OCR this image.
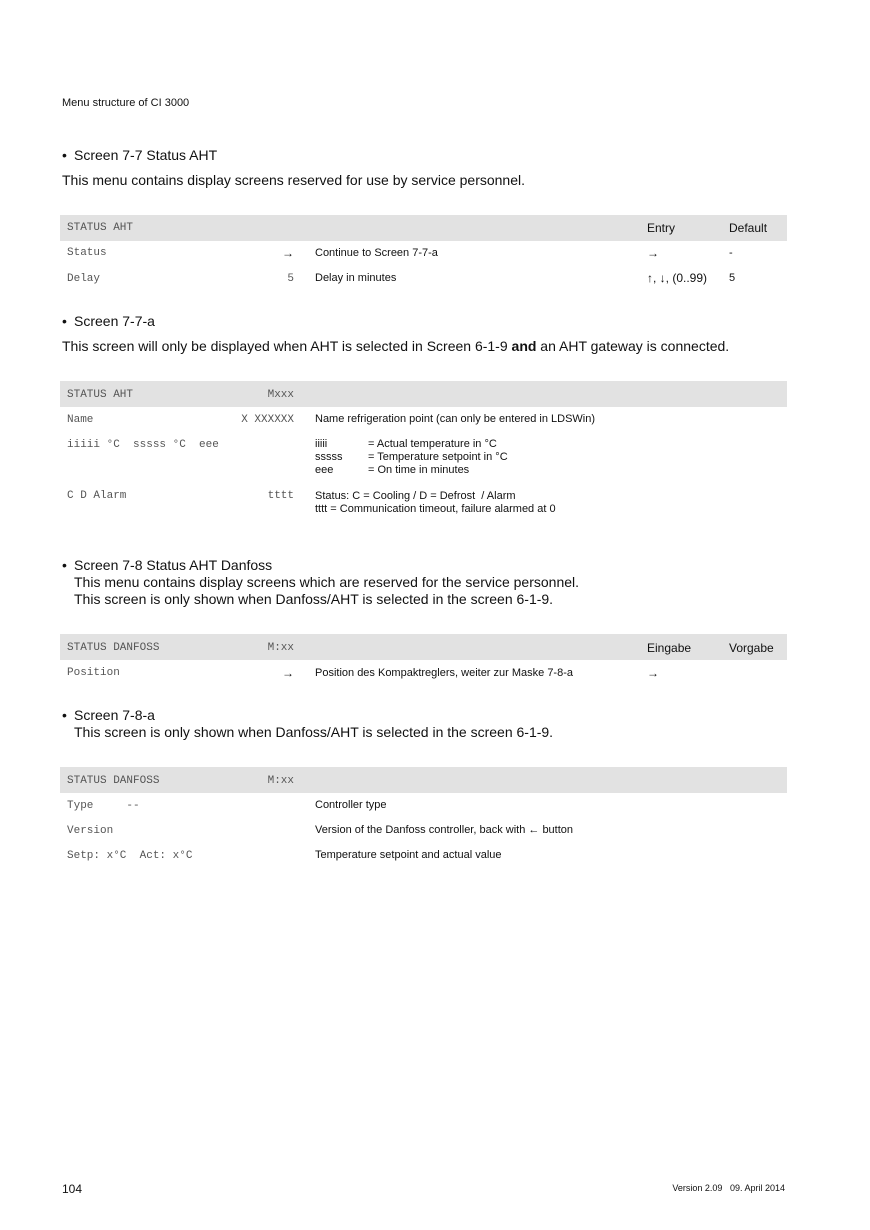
Menu structure of CI 3000
• Screen 7-7 Status AHT
This menu contains display screens reserved for use by service personnel.
STATUS AHT	Entry	Default
Status	→ Continue to Screen 7-7-a	→	-
Delay	5 Delay in minutes	↑, ↓, (0..99) 5
• Screen 7-7-a
This screen will only be displayed when AHT is selected in Screen 6-1-9 and an AHT gateway is connected.
STATUS AHT	Mxxx
Name	X XXXXXX Name refrigeration point (can only be entered in LDSWin)
iiiii °C  sssss °C  eee	iiiii	= Actual temperature in °C
sssss = Temperature setpoint in °C
eee	= On time in minutes
C D Alarm	tttt Status: C = Cooling / D = Defrost  / Alarm
tttt = Communication timeout, failure alarmed at 0
• Screen 7-8 Status AHT Danfoss
This menu contains display screens which are reserved for the service personnel.
This screen is only shown when Danfoss/AHT is selected in the screen 6-1-9.
STATUS DANFOSS	M:xx	Eingabe	Vorgabe
Position	→ Position des Kompaktreglers, weiter zur Maske 7-8-a	→
• Screen 7-8-a
This screen is only shown when Danfoss/AHT is selected in the screen 6-1-9.
STATUS DANFOSS	M:xx
Type     --	Controller type
Version	Version of the Danfoss controller, back with ← button
Setp: x°C  Act: x°C	Temperature setpoint and actual value
104	Version 2.09   09. April 2014
